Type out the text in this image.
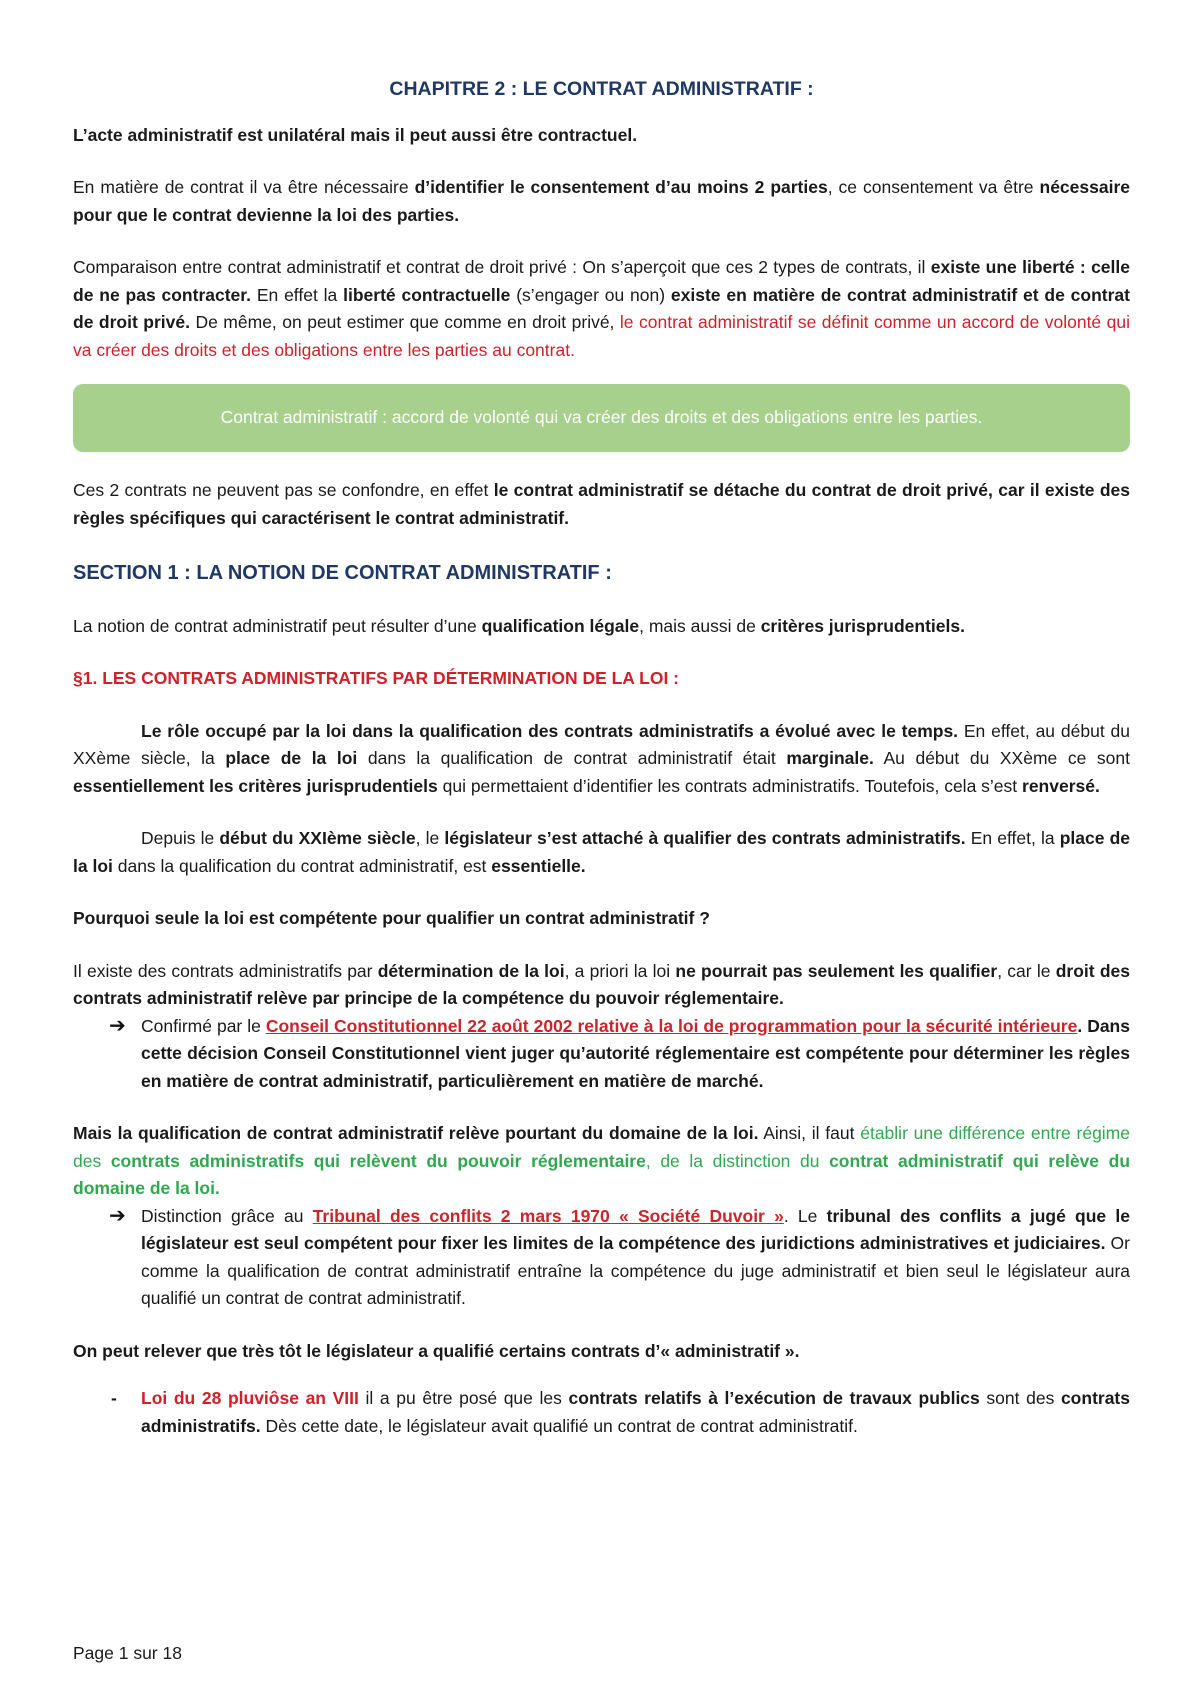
CHAPITRE 2 : LE CONTRAT ADMINISTRATIF :

L’acte administratif est unilatéral mais il peut aussi être contractuel.

En matière de contrat il va être nécessaire d’identifier le consentement d’au moins 2 parties, ce consentement va être nécessaire pour que le contrat devienne la loi des parties.

Comparaison entre contrat administratif et contrat de droit privé : On s’aperçoit que ces 2 types de contrats, il existe une liberté : celle de ne pas contracter. En effet la liberté contractuelle (s’engager ou non) existe en matière de contrat administratif et de contrat de droit privé. De même, on peut estimer que comme en droit privé, le contrat administratif se définit comme un accord de volonté qui va créer des droits et des obligations entre les parties au contrat.

Contrat administratif : accord de volonté qui va créer des droits et des obligations entre les parties.

Ces 2 contrats ne peuvent pas se confondre, en effet le contrat administratif se détache du contrat de droit privé, car il existe des règles spécifiques qui caractérisent le contrat administratif.

SECTION 1 : LA NOTION DE CONTRAT ADMINISTRATIF :

La notion de contrat administratif peut résulter d’une qualification légale, mais aussi de critères jurisprudentiels.

§1. LES CONTRATS ADMINISTRATIFS PAR DÉTERMINATION DE LA LOI :

Le rôle occupé par la loi dans la qualification des contrats administratifs a évolué avec le temps. En effet, au début du XXème siècle, la place de la loi dans la qualification de contrat administratif était marginale. Au début du XXème ce sont essentiellement les critères jurisprudentiels qui permettaient d’identifier les contrats administratifs. Toutefois, cela s’est renversé.

Depuis le début du XXIème siècle, le législateur s’est attaché à qualifier des contrats administratifs. En effet, la place de la loi dans la qualification du contrat administratif, est essentielle.

Pourquoi seule la loi est compétente pour qualifier un contrat administratif ?

Il existe des contrats administratifs par détermination de la loi, a priori la loi ne pourrait pas seulement les qualifier, car le droit des contrats administratif relève par principe de la compétence du pouvoir réglementaire.

➔ Confirmé par le Conseil Constitutionnel 22 août 2002 relative à la loi de programmation pour la sécurité intérieure. Dans cette décision Conseil Constitutionnel vient juger qu’autorité réglementaire est compétente pour déterminer les règles en matière de contrat administratif, particulièrement en matière de marché.

Mais la qualification de contrat administratif relève pourtant du domaine de la loi. Ainsi, il faut établir une différence entre régime des contrats administratifs qui relèvent du pouvoir réglementaire, de la distinction du contrat administratif qui relève du domaine de la loi.

➔ Distinction grâce au Tribunal des conflits 2 mars 1970 « Société Duvoir ». Le tribunal des conflits a jugé que le législateur est seul compétent pour fixer les limites de la compétence des juridictions administratives et judiciaires. Or comme la qualification de contrat administratif entraîne la compétence du juge administratif et bien seul le législateur aura qualifié un contrat de contrat administratif.

On peut relever que très tôt le législateur a qualifié certains contrats d’« administratif ».

- Loi du 28 pluviôse an VIII il a pu être posé que les contrats relatifs à l’exécution de travaux publics sont des contrats administratifs. Dès cette date, le législateur avait qualifié un contrat de contrat administratif.
Page 1 sur 18
